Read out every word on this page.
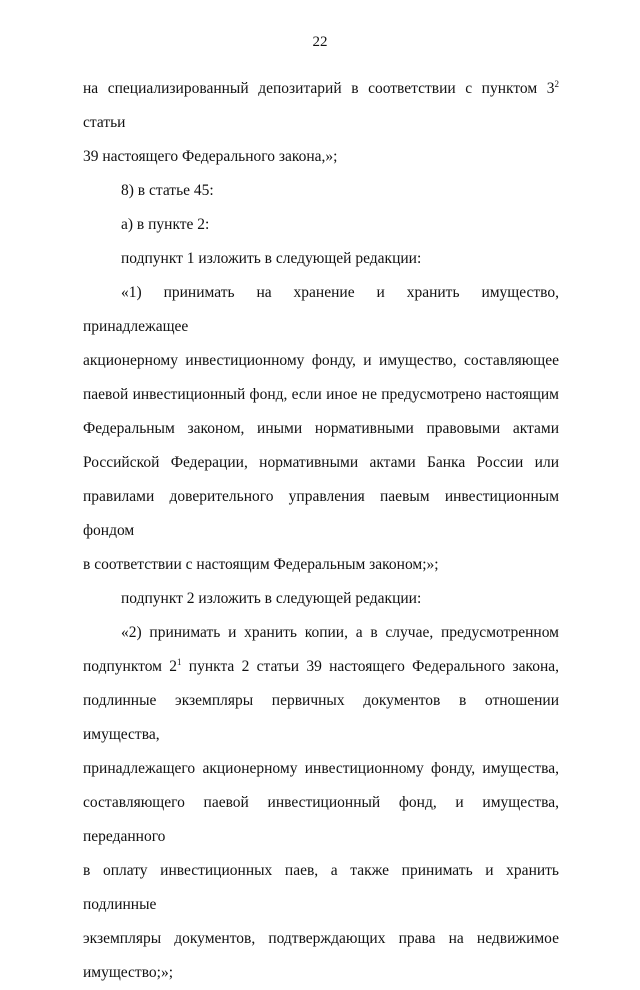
22

на специализированный депозитарий в соответствии с пунктом $3^2$ статьи
39 настоящего Федерального закона,»;

8) в статье 45:

а) в пункте 2:

подпункт 1 изложить в следующей редакции:

«1) принимать на хранение и хранить имущество, принадлежащее
акционерному инвестиционному фонду, и имущество, составляющее
паевой инвестиционный фонд, если иное не предусмотрено настоящим
Федеральным законом, иными нормативными правовыми актами
Российской Федерации, нормативными актами Банка России или
правилами доверительного управления паевым инвестиционным фондом
в соответствии с настоящим Федеральным законом;»;

подпункт 2 изложить в следующей редакции:

«2) принимать и хранить копии, а в случае, предусмотренном
подпунктом $2^1$ пункта 2 статьи 39 настоящего Федерального закона,
подлинные экземпляры первичных документов в отношении имущества,
принадлежащего акционерному инвестиционному фонду, имущества,
составляющего паевой инвестиционный фонд, и имущества, переданного
в оплату инвестиционных паев, а также принимать и хранить подлинные
экземпляры документов, подтверждающих права на недвижимое
имущество;»;
